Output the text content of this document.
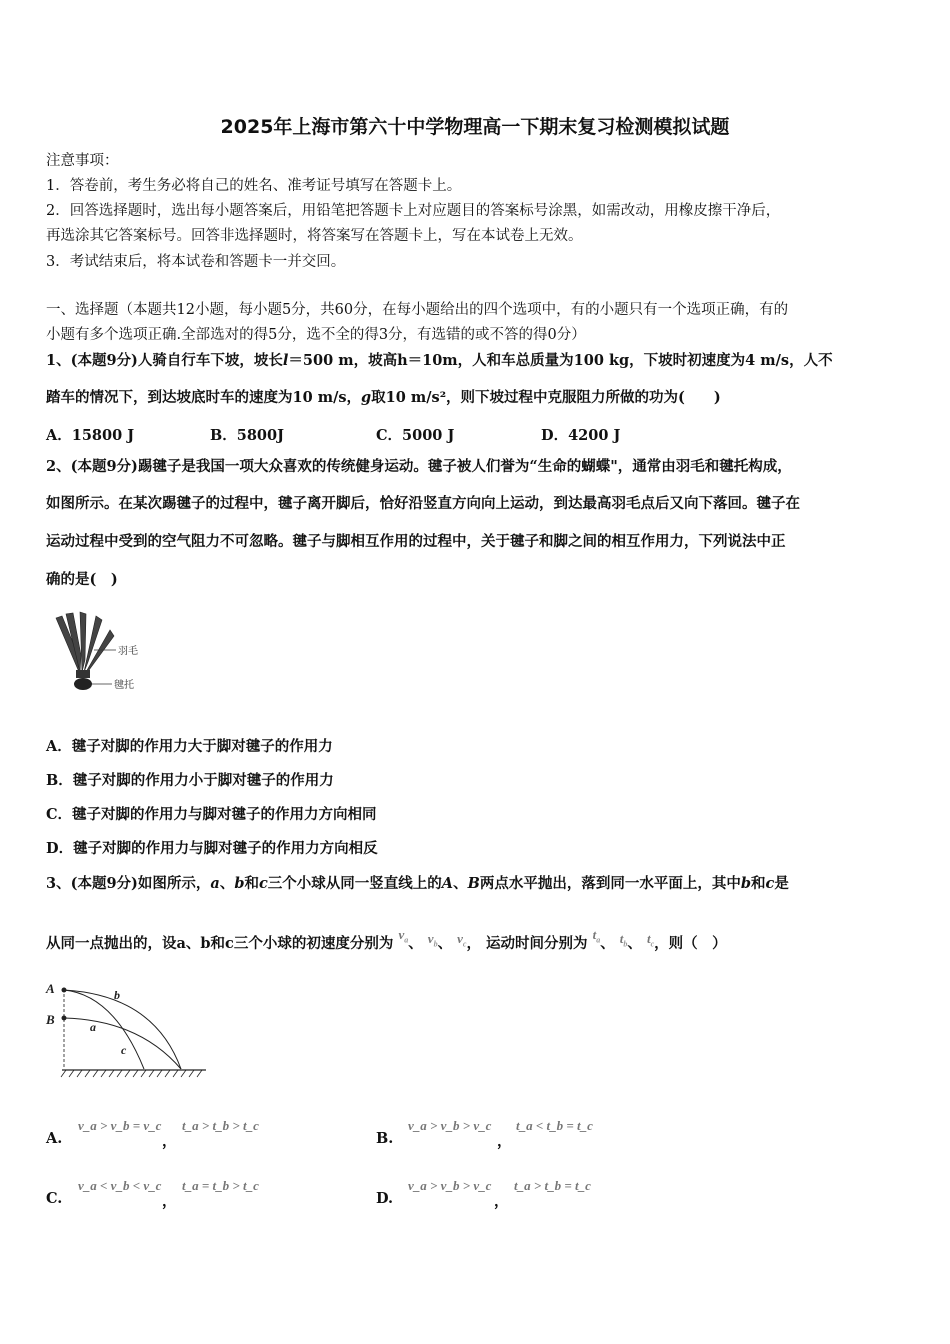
2025年上海市第六十中学物理高一下期末复习检测模拟试题
注意事项：
1．答卷前，考生务必将自己的姓名、准考证号填写在答题卡上。
2．回答选择题时，选出每小题答案后，用铅笔把答题卡上对应题目的答案标号涂黑，如需改动，用橡皮擦干净后，
再选涂其它答案标号。回答非选择题时，将答案写在答题卡上，写在本试卷上无效。
3．考试结束后，将本试卷和答题卡一并交回。
一、选择题（本题共12小题，每小题5分，共60分，在每小题给出的四个选项中，有的小题只有一个选项正确，有的
小题有多个选项正确.全部选对的得5分，选不全的得3分，有选错的或不答的得0分）
1、(本题9分)人骑自行车下坡，坡长l＝500 m，坡高h＝10m，人和车总质量为100 kg，下坡时初速度为4 m/s，人不
踏车的情况下，到达坡底时车的速度为10 m/s，g取10 m/s²，则下坡过程中克服阻力所做的功为(　　)
A．15800 J	B．5800J	C．5000 J	D．4200 J
2、(本题9分)踢毽子是我国一项大众喜欢的传统健身运动。毽子被人们誉为“生命的蝴蝶"，通常由羽毛和毽托构成，
如图所示。在某次踢毽子的过程中，毽子离开脚后，恰好沿竖直方向向上运动，到达最高羽毛点后又向下落回。毽子在
运动过程中受到的空气阻力不可忽略。毽子与脚相互作用的过程中，关于毽子和脚之间的相互作用力，下列说法中正
确的是(　)
羽毛
毽托
A．毽子对脚的作用力大于脚对毽子的作用力
B．毽子对脚的作用力小于脚对毽子的作用力
C．毽子对脚的作用力与脚对毽子的作用力方向相同
D．毽子对脚的作用力与脚对毽子的作用力方向相反
3、(本题9分)如图所示，a、b和c三个小球从同一竖直线上的A、B两点水平抛出，落到同一水平面上，其中b和c是
从同一点抛出的，设a、b和c三个小球的初速度分别为 $v_a$、 $v_b$、 $v_c$， 运动时间分别为 $t_a$、 $t_b$、 $t_c$，则（　）
A
B
b
a
c
A.	B.
C.	D.
v_a > v_b = v_c
，
t_a > t_b > t_c	v_a > v_b > v_c
，
t_a < t_b = t_c
v_a < v_b < v_c
，
t_a = t_b > t_c	v_a > v_b > v_c
，
t_a > t_b = t_c
